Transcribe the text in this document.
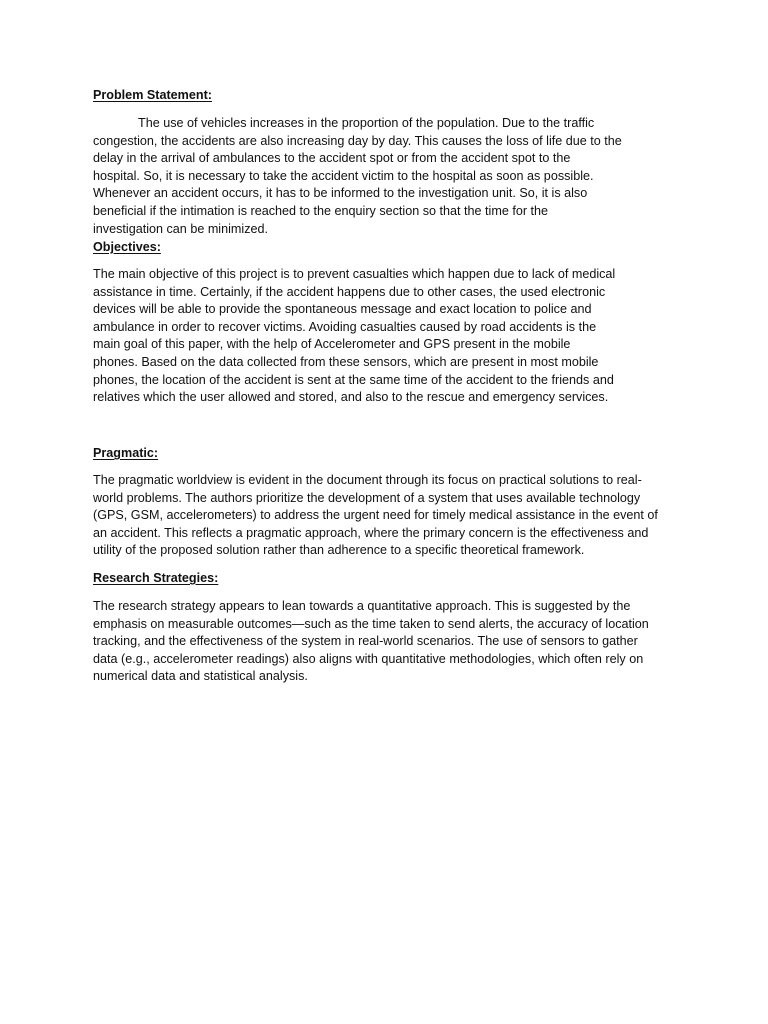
Problem Statement:
The use of vehicles increases in the proportion of the population. Due to the traffic
congestion, the accidents are also increasing day by day. This causes the loss of life due to the
delay in the arrival of ambulances to the accident spot or from the accident spot to the
hospital. So, it is necessary to take the accident victim to the hospital as soon as possible.
Whenever an accident occurs, it has to be informed to the investigation unit. So, it is also
beneficial if the intimation is reached to the enquiry section so that the time for the
investigation can be minimized.
Objectives:
The main objective of this project is to prevent casualties which happen due to lack of medical
assistance in time. Certainly, if the accident happens due to other cases, the used electronic
devices will be able to provide the spontaneous message and exact location to police and
ambulance in order to recover victims. Avoiding casualties caused by road accidents is the
main goal of this paper, with the help of Accelerometer and GPS present in the mobile
phones. Based on the data collected from these sensors, which are present in most mobile
phones, the location of the accident is sent at the same time of the accident to the friends and
relatives which the user allowed and stored, and also to the rescue and emergency services.
Pragmatic:
The pragmatic worldview is evident in the document through its focus on practical solutions to real-
world problems. The authors prioritize the development of a system that uses available technology
(GPS, GSM, accelerometers) to address the urgent need for timely medical assistance in the event of
an accident. This reflects a pragmatic approach, where the primary concern is the effectiveness and
utility of the proposed solution rather than adherence to a specific theoretical framework.
Research Strategies:
The research strategy appears to lean towards a quantitative approach. This is suggested by the
emphasis on measurable outcomes—such as the time taken to send alerts, the accuracy of location
tracking, and the effectiveness of the system in real-world scenarios. The use of sensors to gather
data (e.g., accelerometer readings) also aligns with quantitative methodologies, which often rely on
numerical data and statistical analysis.
